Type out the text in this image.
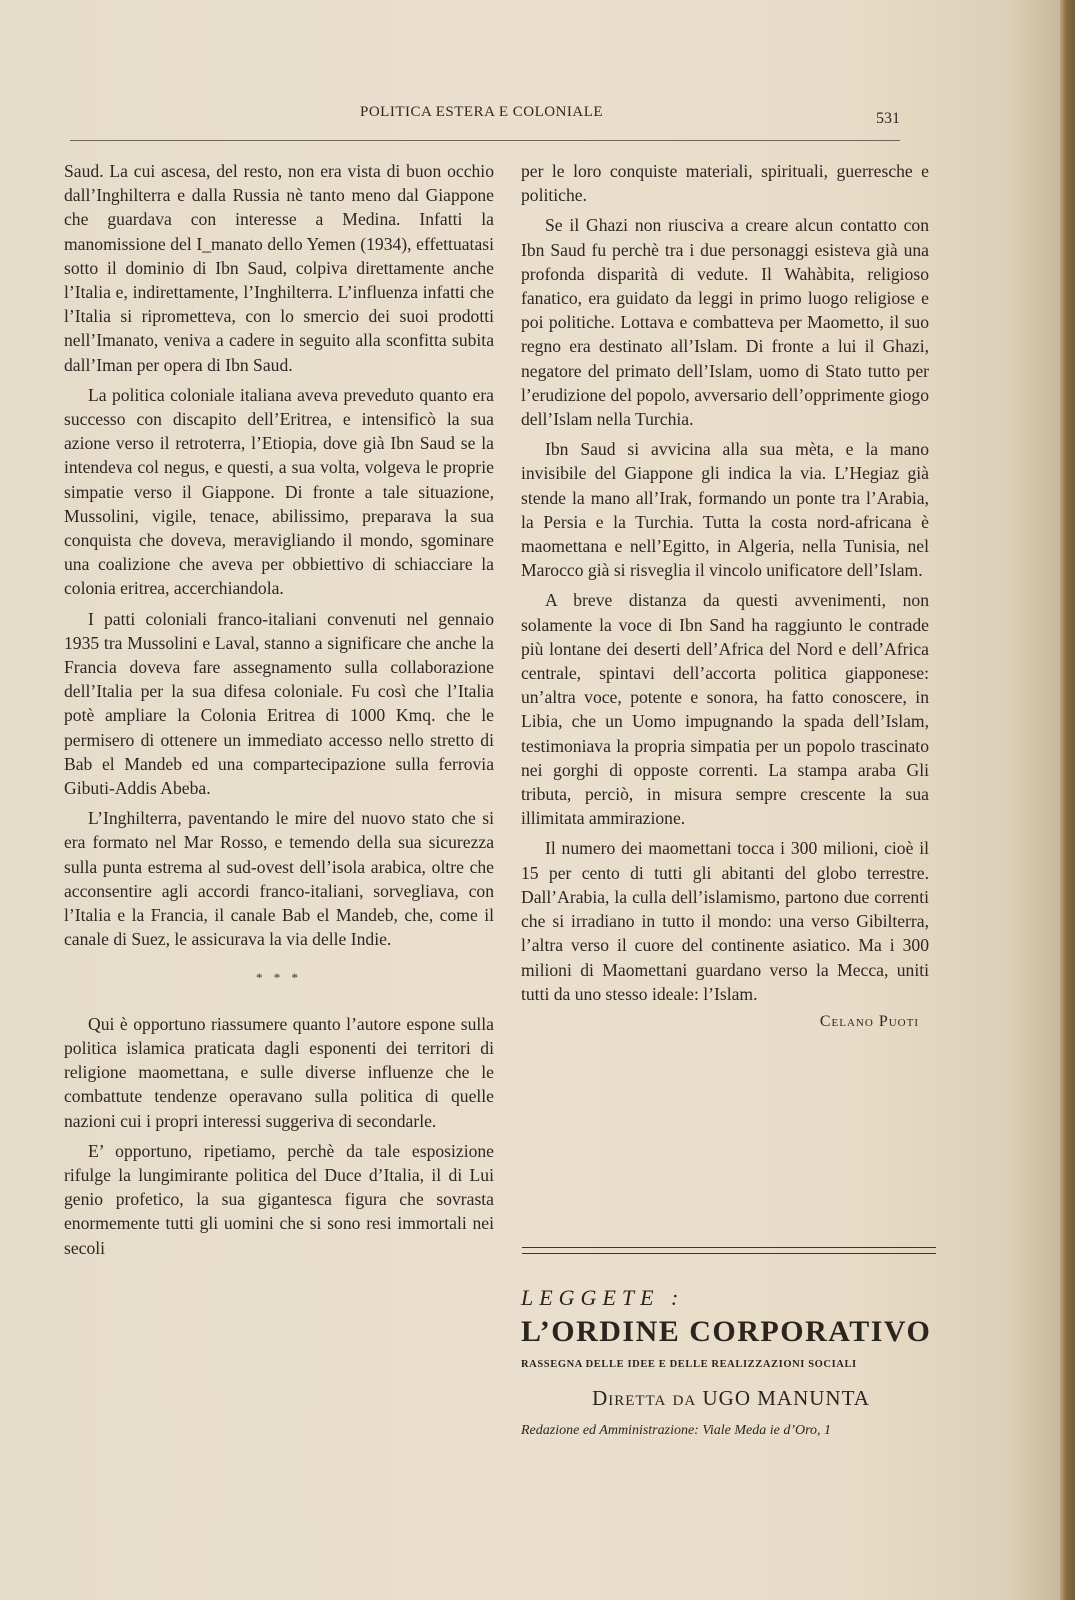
POLITICA ESTERA E COLONIALE	531

Saud. La cui ascesa, del resto, non era vista di buon occhio dall’Inghilterra e dalla Russia nè tanto meno dal Giappone che guardava con interesse a Medina. Infatti la manomissione del I_manato dello Yemen (1934), effettuatasi sotto il dominio di Ibn Saud, colpiva direttamente anche l’Italia e, indirettamente, l’Inghilterra. L’influenza infatti che l’Italia si riprometteva, con lo smercio dei suoi prodotti nell’Imanato, veniva a cadere in seguito alla sconfitta subita dall’Iman per opera di Ibn Saud.

La politica coloniale italiana aveva preveduto quanto era successo con discapito dell’Eritrea, e intensificò la sua azione verso il retroterra, l’Etiopia, dove già Ibn Saud se la intendeva col negus, e questi, a sua volta, volgeva le proprie simpatie verso il Giappone. Di fronte a tale situazione, Mussolini, vigile, tenace, abilissimo, preparava la sua conquista che doveva, meravigliando il mondo, sgominare una coalizione che aveva per obbiettivo di schiacciare la colonia eritrea, accerchiandola.

I patti coloniali franco-italiani convenuti nel gennaio 1935 tra Mussolini e Laval, stanno a significare che anche la Francia doveva fare assegnamento sulla collaborazione dell’Italia per la sua difesa coloniale. Fu così che l’Italia potè ampliare la Colonia Eritrea di 1000 Kmq. che le permisero di ottenere un immediato accesso nello stretto di Bab el Mandeb ed una compartecipazione sulla ferrovia Gibuti-Addis Abeba.

L’Inghilterra, paventando le mire del nuovo stato che si era formato nel Mar Rosso, e temendo della sua sicurezza sulla punta estrema al sud-ovest dell’isola arabica, oltre che acconsentire agli accordi franco-italiani, sorvegliava, con l’Italia e la Francia, il canale Bab el Mandeb, che, come il canale di Suez, le assicurava la via delle Indie.

* * *

Qui è opportuno riassumere quanto l’autore espone sulla politica islamica praticata dagli esponenti dei territori di religione maomettana, e sulle diverse influenze che le combattute tendenze operavano sulla politica di quelle nazioni cui i propri interessi suggeriva di secondarle.

E’ opportuno, ripetiamo, perchè da tale esposizione rifulge la lungimirante politica del Duce d’Italia, il di Lui genio profetico, la sua gigantesca figura che sovrasta enormemente tutti gli uomini che si sono resi immortali nei secoli

per le loro conquiste materiali, spirituali, guerresche e politiche.

Se il Ghazi non riusciva a creare alcun contatto con Ibn Saud fu perchè tra i due personaggi esisteva già una profonda disparità di vedute. Il Wahàbita, religioso fanatico, era guidato da leggi in primo luogo religiose e poi politiche. Lottava e combatteva per Maometto, il suo regno era destinato all’Islam. Di fronte a lui il Ghazi, negatore del primato dell’Islam, uomo di Stato tutto per l’erudizione del popolo, avversario dell’opprimente giogo dell’Islam nella Turchia.

Ibn Saud si avvicina alla sua mèta, e la mano invisibile del Giappone gli indica la via. L’Hegiaz già stende la mano all’Irak, formando un ponte tra l’Arabia, la Persia e la Turchia. Tutta la costa nord-africana è maomettana e nell’Egitto, in Algeria, nella Tunisia, nel Marocco già si risveglia il vincolo unificatore dell’Islam.

A breve distanza da questi avvenimenti, non solamente la voce di Ibn Sand ha raggiunto le contrade più lontane dei deserti dell’Africa del Nord e dell’Africa centrale, spintavi dell’accorta politica giapponese: un’altra voce, potente e sonora, ha fatto conoscere, in Libia, che un Uomo impugnando la spada dell’Islam, testimoniava la propria simpatia per un popolo trascinato nei gorghi di opposte correnti. La stampa araba Gli tributa, perciò, in misura sempre crescente la sua illimitata ammirazione.

Il numero dei maomettani tocca i 300 milioni, cioè il 15 per cento di tutti gli abitanti del globo terrestre. Dall’Arabia, la culla dell’islamismo, partono due correnti che si irradiano in tutto il mondo: una verso Gibilterra, l’altra verso il cuore del continente asiatico. Ma i 300 milioni di Maomettani guardano verso la Mecca, uniti tutti da uno stesso ideale: l’Islam.

Celano Puoti
LEGGETE :
L’ORDINE CORPORATIVO
RASSEGNA DELLE IDEE E DELLE REALIZZAZIONI SOCIALI
Diretta da UGO MANUNTA
Redazione ed Amministrazione: Viale Meda ie d’Oro, 1
